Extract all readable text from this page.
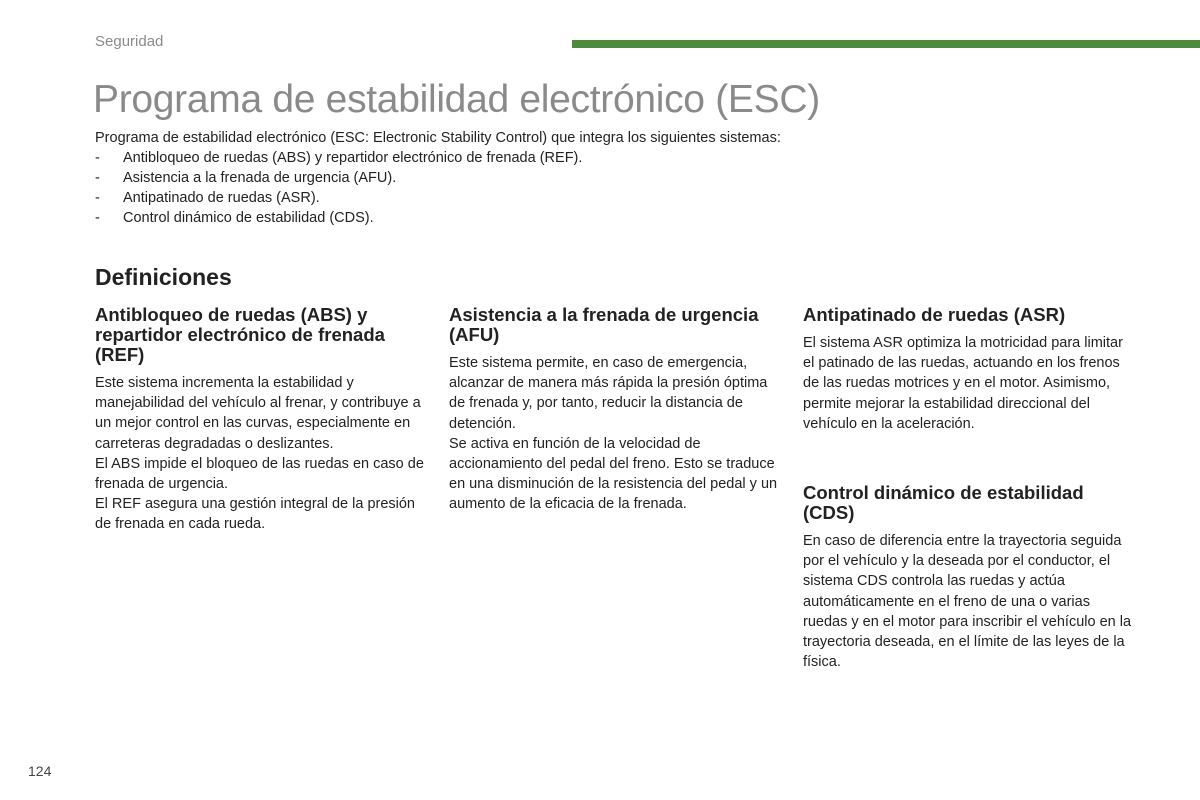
Seguridad
Programa de estabilidad electrónico (ESC)

Programa de estabilidad electrónico (ESC: Electronic Stability Control) que integra los siguientes sistemas:

-	Antibloqueo de ruedas (ABS) y repartidor electrónico de frenada (REF).
-	Asistencia a la frenada de urgencia (AFU).
-	Antipatinado de ruedas (ASR).
-	Control dinámico de estabilidad (CDS).
Definiciones
Antibloqueo de ruedas (ABS) y repartidor electrónico de frenada (REF)

Este sistema incrementa la estabilidad y manejabilidad del vehículo al frenar, y contribuye a un mejor control en las curvas, especialmente en carreteras degradadas o deslizantes.

El ABS impide el bloqueo de las ruedas en caso de frenada de urgencia.

El REF asegura una gestión integral de la presión de frenada en cada rueda.

Asistencia a la frenada de urgencia (AFU)

Este sistema permite, en caso de emergencia, alcanzar de manera más rápida la presión óptima de frenada y, por tanto, reducir la distancia de detención.

Se activa en función de la velocidad de accionamiento del pedal del freno. Esto se traduce en una disminución de la resistencia del pedal y un aumento de la eficacia de la frenada.

Antipatinado de ruedas (ASR)

El sistema ASR optimiza la motricidad para limitar el patinado de las ruedas, actuando en los frenos de las ruedas motrices y en el motor. Asimismo, permite mejorar la estabilidad direccional del vehículo en la aceleración.

Control dinámico de estabilidad (CDS)

En caso de diferencia entre la trayectoria seguida por el vehículo y la deseada por el conductor, el sistema CDS controla las ruedas y actúa automáticamente en el freno de una o varias ruedas y en el motor para inscribir el vehículo en la trayectoria deseada, en el límite de las leyes de la física.

124
